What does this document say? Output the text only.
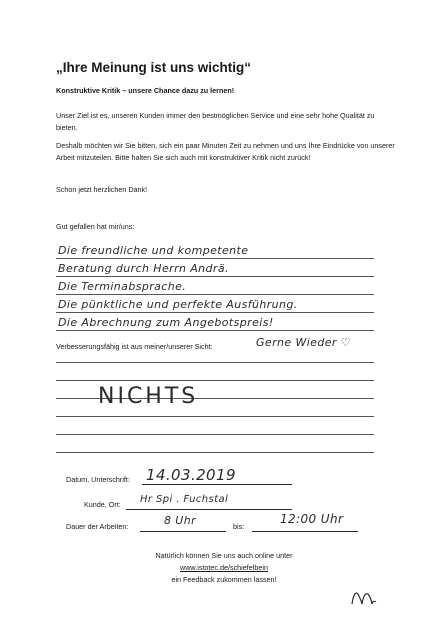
„Ihre Meinung ist uns wichtig“
Konstruktive Kritik – unsere Chance dazu zu lernen!
Unser Ziel ist es, unseren Kunden immer den bestmöglichen Service und eine sehr hohe Qualität zu bieten.
Deshalb möchten wir Sie bitten, sich ein paar Minuten Zeit zu nehmen und uns Ihre Eindrücke von unserer Arbeit mitzuteilen. Bitte halten Sie sich auch mit konstruktiver Kritik nicht zurück!
Schon jetzt herzlichen Dank!
Gut gefallen hat mir/uns:
Die freundliche und kompetente
Beratung durch Herrn Andrä.
Die Terminabsprache.
Die pünktliche und perfekte Ausführung.
Die Abrechnung zum Angebotspreis!
Gerne Wieder ♡
Verbesserungsfähig ist aus meiner/unserer Sicht:
NICHTS
Datum, Unterschrift: 14.03.2019
Kunde, Ort: Hr Spi . Fuchstal
Dauer der Arbeiten:	8 Uhr	bis:
12:00 Uhr
Natürlich können Sie uns auch online unter
www.istotec.de/schiefelbein
ein Feedback zukommen lassen!
